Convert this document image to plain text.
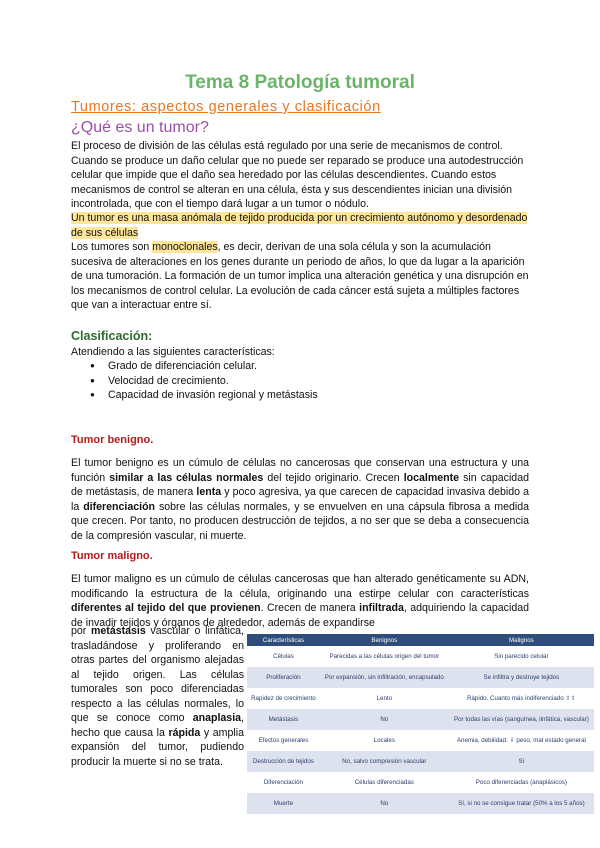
Tema 8 Patología tumoral
Tumores: aspectos generales y clasificación
¿Qué es un tumor?
El proceso de división de las células está regulado por una serie de mecanismos de control. Cuando se produce un daño celular que no puede ser reparado se produce una autodestrucción celular que impide que el daño sea heredado por las células descendientes. Cuando estos mecanismos de control se alteran en una célula, ésta y sus descendientes inician una división incontrolada, que con el tiempo dará lugar a un tumor o nódulo.
Un tumor es una masa anómala de tejido producida por un crecimiento autónomo y desordenado de sus células
Los tumores son monoclonales, es decir, derivan de una sola célula y son la acumulación sucesiva de alteraciones en los genes durante un periodo de años, lo que da lugar a la aparición de una tumoración. La formación de un tumor implica una alteración genética y una disrupción en los mecanismos de control celular. La evolución de cada cáncer está sujeta a múltiples factores que van a interactuar entre sí.
Clasificación:
Atendiendo a las siguientes características:
● Grado de diferenciación celular.
● Velocidad de crecimiento.
● Capacidad de invasión regional y metástasis
Tumor benigno.
El tumor benigno es un cúmulo de células no cancerosas que conservan una estructura y una función similar a las células normales del tejido originario. Crecen localmente sin capacidad de metástasis, de manera lenta y poco agresiva, ya que carecen de capacidad invasiva debido a la diferenciación sobre las células normales, y se envuelven en una cápsula fibrosa a medida que crecen. Por tanto, no producen destrucción de tejidos, a no ser que se deba a consecuencia de la compresión vascular, ni muerte.
Tumor maligno.
El tumor maligno es un cúmulo de células cancerosas que han alterado genéticamente su ADN, modificando la estructura de la célula, originando una estirpe celular con características diferentes al tejido del que provienen. Crecen de manera infiltrada, adquiriendo la capacidad de invadir tejidos y órganos de alrededor, además de expandirse
por metástasis vascular o linfática, trasladándose y proliferando en otras partes del organismo alejadas al tejido origen. Las células tumorales son poco diferenciadas respecto a las células normales, lo que se conoce como anaplasia, hecho que causa la rápida y amplia expansión del tumor, pudiendo producir la muerte si no se trata.
Características	Benignos	Malignos
Células	Parecidas a las células origen del tumor	Sin parecido celular
Proliferación	Por expansión, sin infiltración, encapsulado	Se infiltra y destruye tejidos
Rapidez de crecimiento	Lento	Rápido. Cuanto más indiferenciado ⇧⇧
Metástasis	No	Por todas las vías (sanguínea, linfática, vascular)
Efectos generales	Locales	Anemia, debilidad. ⇩ peso, mal estado general
Destrucción de tejidos	No, salvo compresión vascular	Sí
Diferenciación	Células diferenciadas	Poco diferenciadas (anaplásicos)
Muerte	No	Sí, si no se consigue tratar (50% a los 5 años)
